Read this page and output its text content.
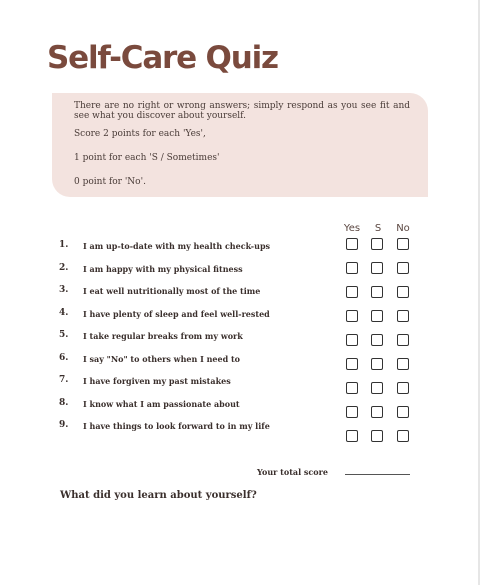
Self-Care Quiz

There are no right or wrong answers; simply respond as you see fit and see what you discover about yourself.

Score 2 points for each 'Yes',

1 point for each 'S / Sometimes'

0 point for 'No'.

Yes	S	No
1. I am up-to-date with my health check-ups
2. I am happy with my physical fitness
3. I eat well nutritionally most of the time
4. I have plenty of sleep and feel well-rested
5. I take regular breaks from my work
6. I say "No" to others when I need to
7. I have forgiven my past mistakes
8. I know what I am passionate about
9. I have things to look forward to in my life
Your total score
What did you learn about yourself?
